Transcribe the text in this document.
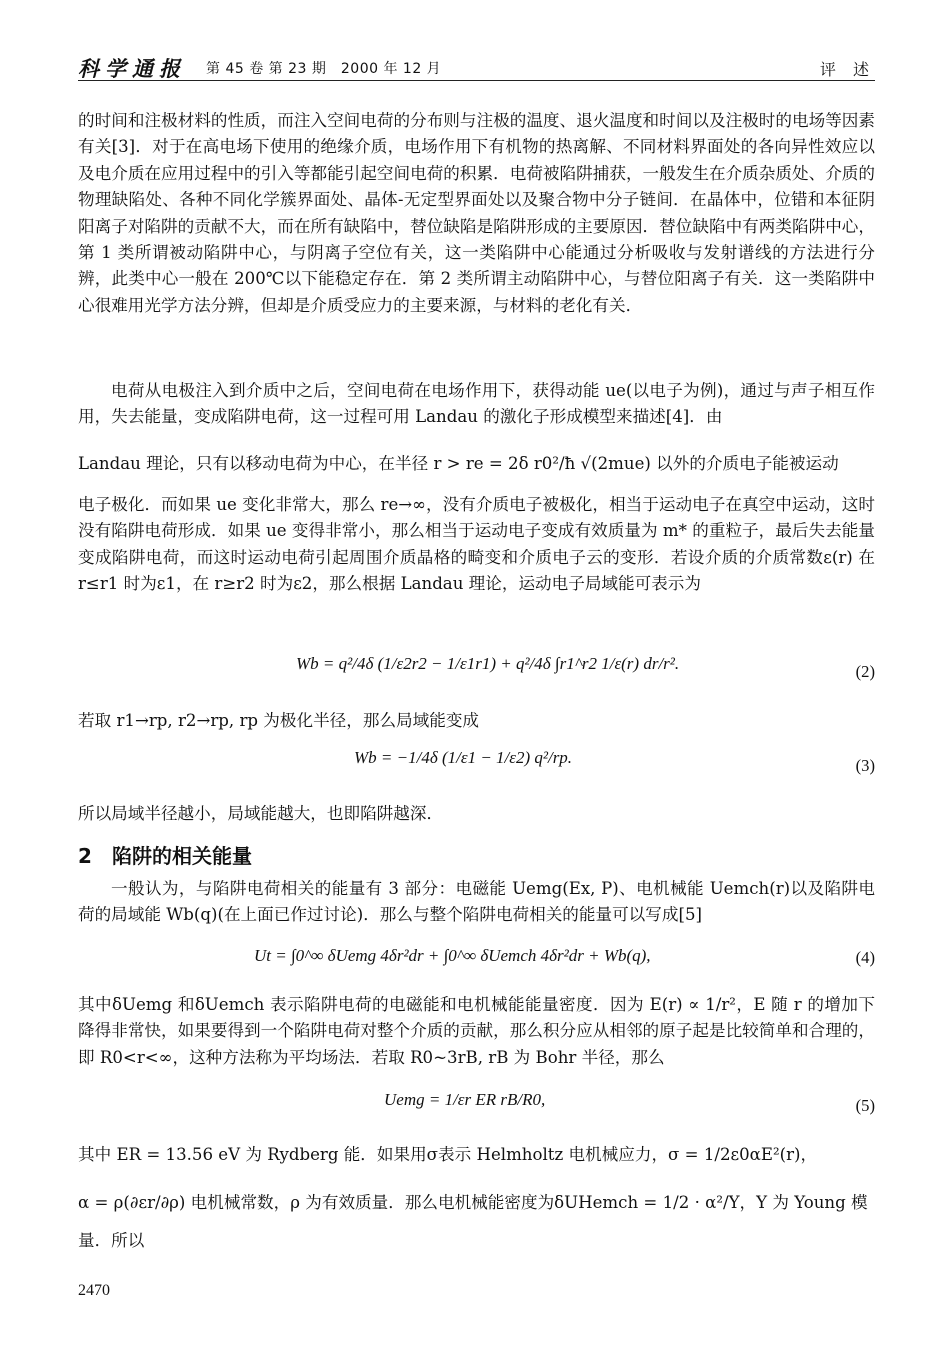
科学通报 第 45 卷 第 23 期　2000 年 12 月	评 述

的时间和注极材料的性质，而注入空间电荷的分布则与注极的温度、退火温度和时间以及注极时的电场等因素有关[3]．对于在高电场下使用的绝缘介质，电场作用下有机物的热离解、不同材料界面处的各向异性效应以及电介质在应用过程中的引入等都能引起空间电荷的积累．电荷被陷阱捕获，一般发生在介质杂质处、介质的物理缺陷处、各种不同化学簇界面处、晶体-无定型界面处以及聚合物中分子链间．在晶体中，位错和本征阴阳离子对陷阱的贡献不大，而在所有缺陷中，替位缺陷是陷阱形成的主要原因．替位缺陷中有两类陷阱中心，第 1 类所谓被动陷阱中心，与阴离子空位有关，这一类陷阱中心能通过分析吸收与发射谱线的方法进行分辨，此类中心一般在 200℃以下能稳定存在．第 2 类所谓主动陷阱中心，与替位阳离子有关．这一类陷阱中心很难用光学方法分辨，但却是介质受应力的主要来源，与材料的老化有关．

电荷从电极注入到介质中之后，空间电荷在电场作用下，获得动能 ue(以电子为例)，通过与声子相互作用，失去能量，变成陷阱电荷，这一过程可用 Landau 的激化子形成模型来描述[4]．由

Landau 理论，只有以移动电荷为中心，在半径 r > re = 2δ r0²/ħ √(2mue) 以外的介质电子能被运动

电子极化．而如果 ue 变化非常大，那么 re→∞，没有介质电子被极化，相当于运动电子在真空中运动，这时没有陷阱电荷形成．如果 ue 变得非常小，那么相当于运动电子变成有效质量为 m* 的重粒子，最后失去能量变成陷阱电荷，而这时运动电荷引起周围介质晶格的畸变和介质电子云的变形．若设介质的介质常数ε(r) 在 r≤r1 时为ε1，在 r≥r2 时为ε2，那么根据 Landau 理论，运动电子局域能可表示为

Wb = q²/4δ (1/ε2r2 − 1/ε1r1) + q²/4δ ∫r1^r2 1/ε(r) dr/r².	(2)

若取 r1→rp, r2→rp, rp 为极化半径，那么局域能变成

Wb = −1/4δ (1/ε1 − 1/ε2) q²/rp.	(3)

所以局域半径越小，局域能越大，也即陷阱越深．

2 陷阱的相关能量

一般认为，与陷阱电荷相关的能量有 3 部分：电磁能 Uemg(Ex, P)、电机械能 Uemch(r)以及陷阱电荷的局域能 Wb(q)(在上面已作过讨论)．那么与整个陷阱电荷相关的能量可以写成[5]

Ut = ∫0^∞ δUemg 4δr²dr + ∫0^∞ δUemch 4δr²dr + Wb(q),	(4)

其中δUemg 和δUemch 表示陷阱电荷的电磁能和电机械能能量密度．因为 E(r) ∝ 1/r²，E 随 r 的增加下降得非常快，如果要得到一个陷阱电荷对整个介质的贡献，那么积分应从相邻的原子起是比较简单和合理的，即 R0<r<∞，这种方法称为平均场法．若取 R0~3rB, rB 为 Bohr 半径，那么

Uemg = 1/εr ER rB/R0,	(5)

其中 ER = 13.56 eV 为 Rydberg 能．如果用σ表示 Helmholtz 电机械应力，σ = 1/2ε0αE²(r)，

α = ρ(∂εr/∂ρ) 电机械常数，ρ 为有效质量．那么电机械能密度为δUHemch = 1/2 · α²/Y，Y 为 Young 模

量．所以

2470
